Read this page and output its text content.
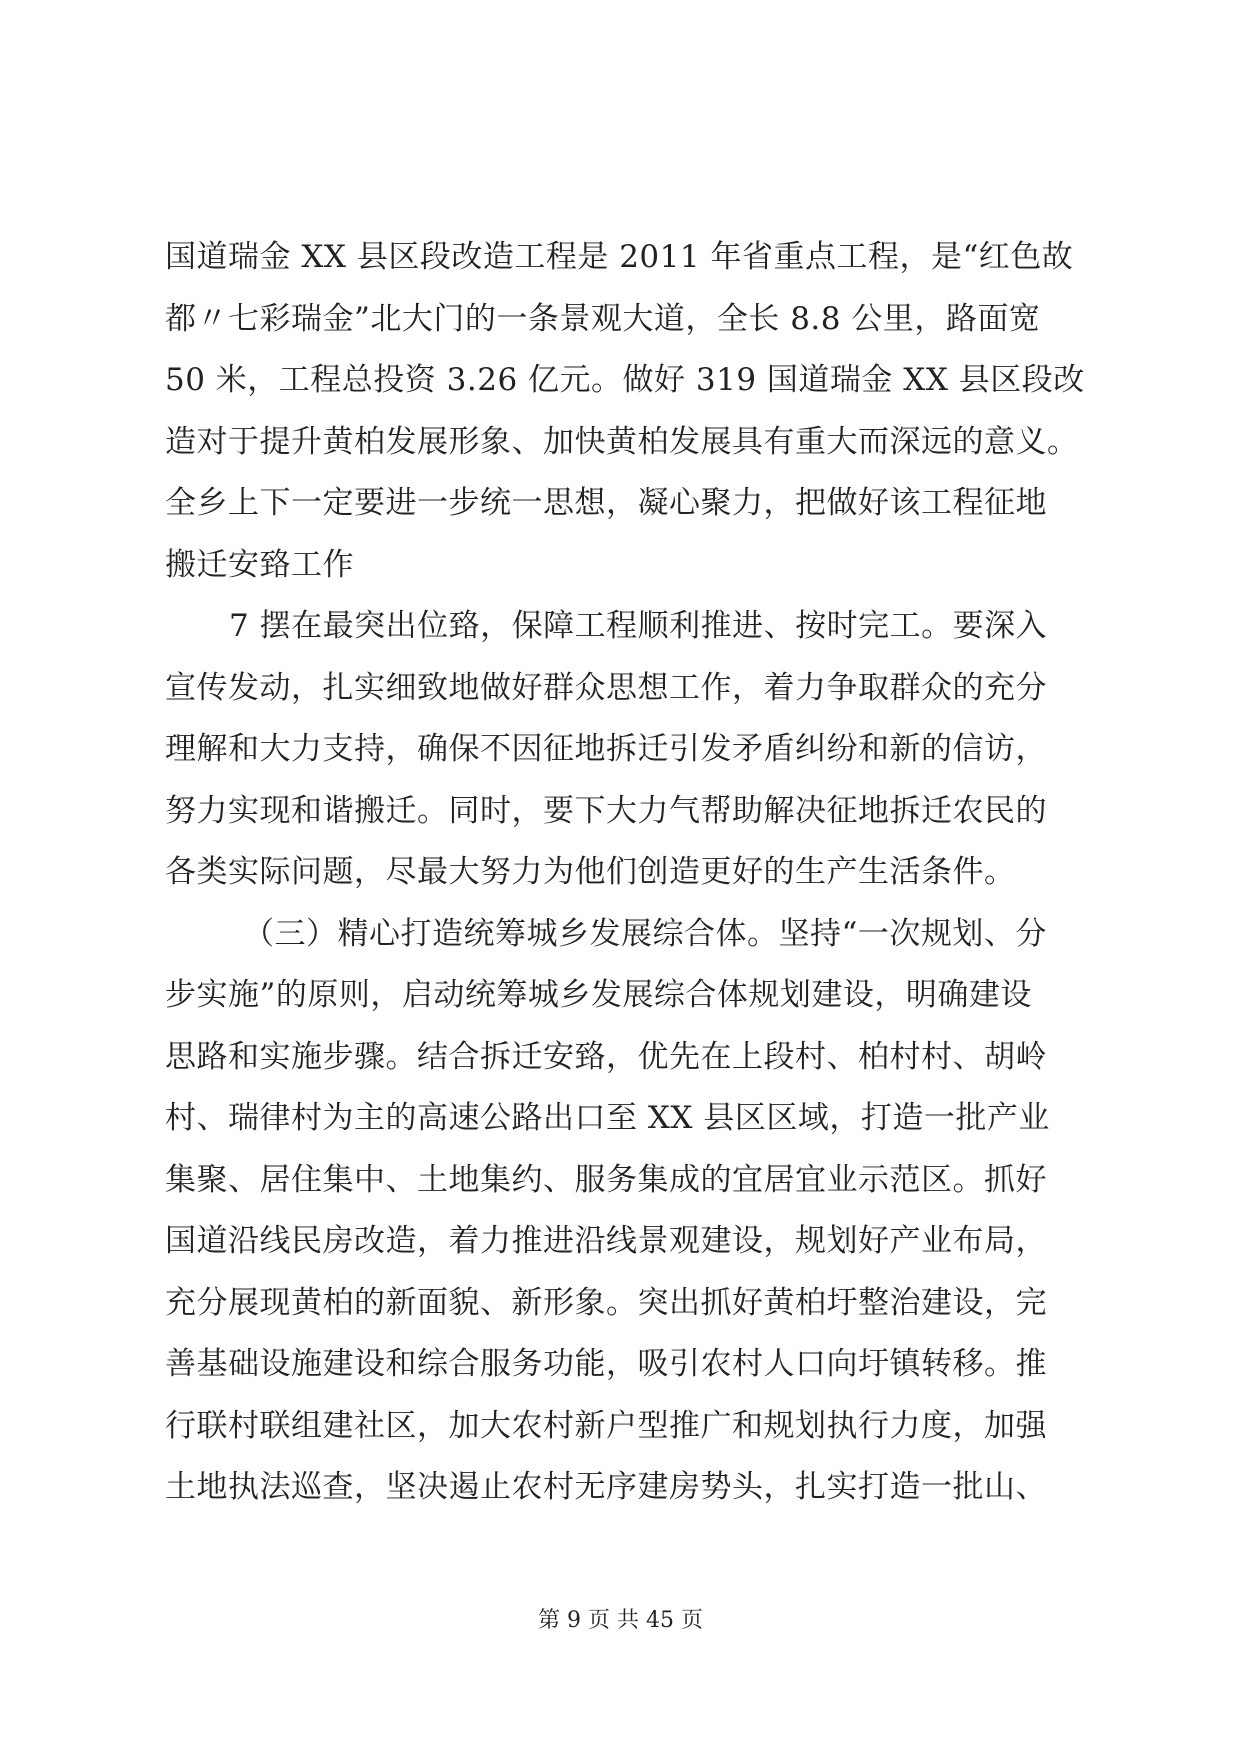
国道瑞金 XX 县区段改造工程是 2011 年省重点工程，是“红色故
都〃七彩瑞金”北大门的一条景观大道，全长 8.8 公里，路面宽
50 米，工程总投资 3.26 亿元。做好 319 国道瑞金 XX 县区段改
造对于提升黄柏发展形象、加快黄柏发展具有重大而深远的意义。
全乡上下一定要进一步统一思想，凝心聚力，把做好该工程征地
搬迁安臵工作
7 摆在最突出位臵，保障工程顺利推进、按时完工。要深入
宣传发动，扎实细致地做好群众思想工作，着力争取群众的充分
理解和大力支持，确保不因征地拆迁引发矛盾纠纷和新的信访，
努力实现和谐搬迁。同时，要下大力气帮助解决征地拆迁农民的
各类实际问题，尽最大努力为他们创造更好的生产生活条件。
（三）精心打造统筹城乡发展综合体。坚持“一次规划、分
步实施”的原则，启动统筹城乡发展综合体规划建设，明确建设
思路和实施步骤。结合拆迁安臵，优先在上段村、柏村村、胡岭
村、瑞律村为主的高速公路出口至 XX 县区区域，打造一批产业
集聚、居住集中、土地集约、服务集成的宜居宜业示范区。抓好
国道沿线民房改造，着力推进沿线景观建设，规划好产业布局，
充分展现黄柏的新面貌、新形象。突出抓好黄柏圩整治建设，完
善基础设施建设和综合服务功能，吸引农村人口向圩镇转移。推
行联村联组建社区，加大农村新户型推广和规划执行力度，加强
土地执法巡查，坚决遏止农村无序建房势头，扎实打造一批山、
第 9 页 共 45 页
